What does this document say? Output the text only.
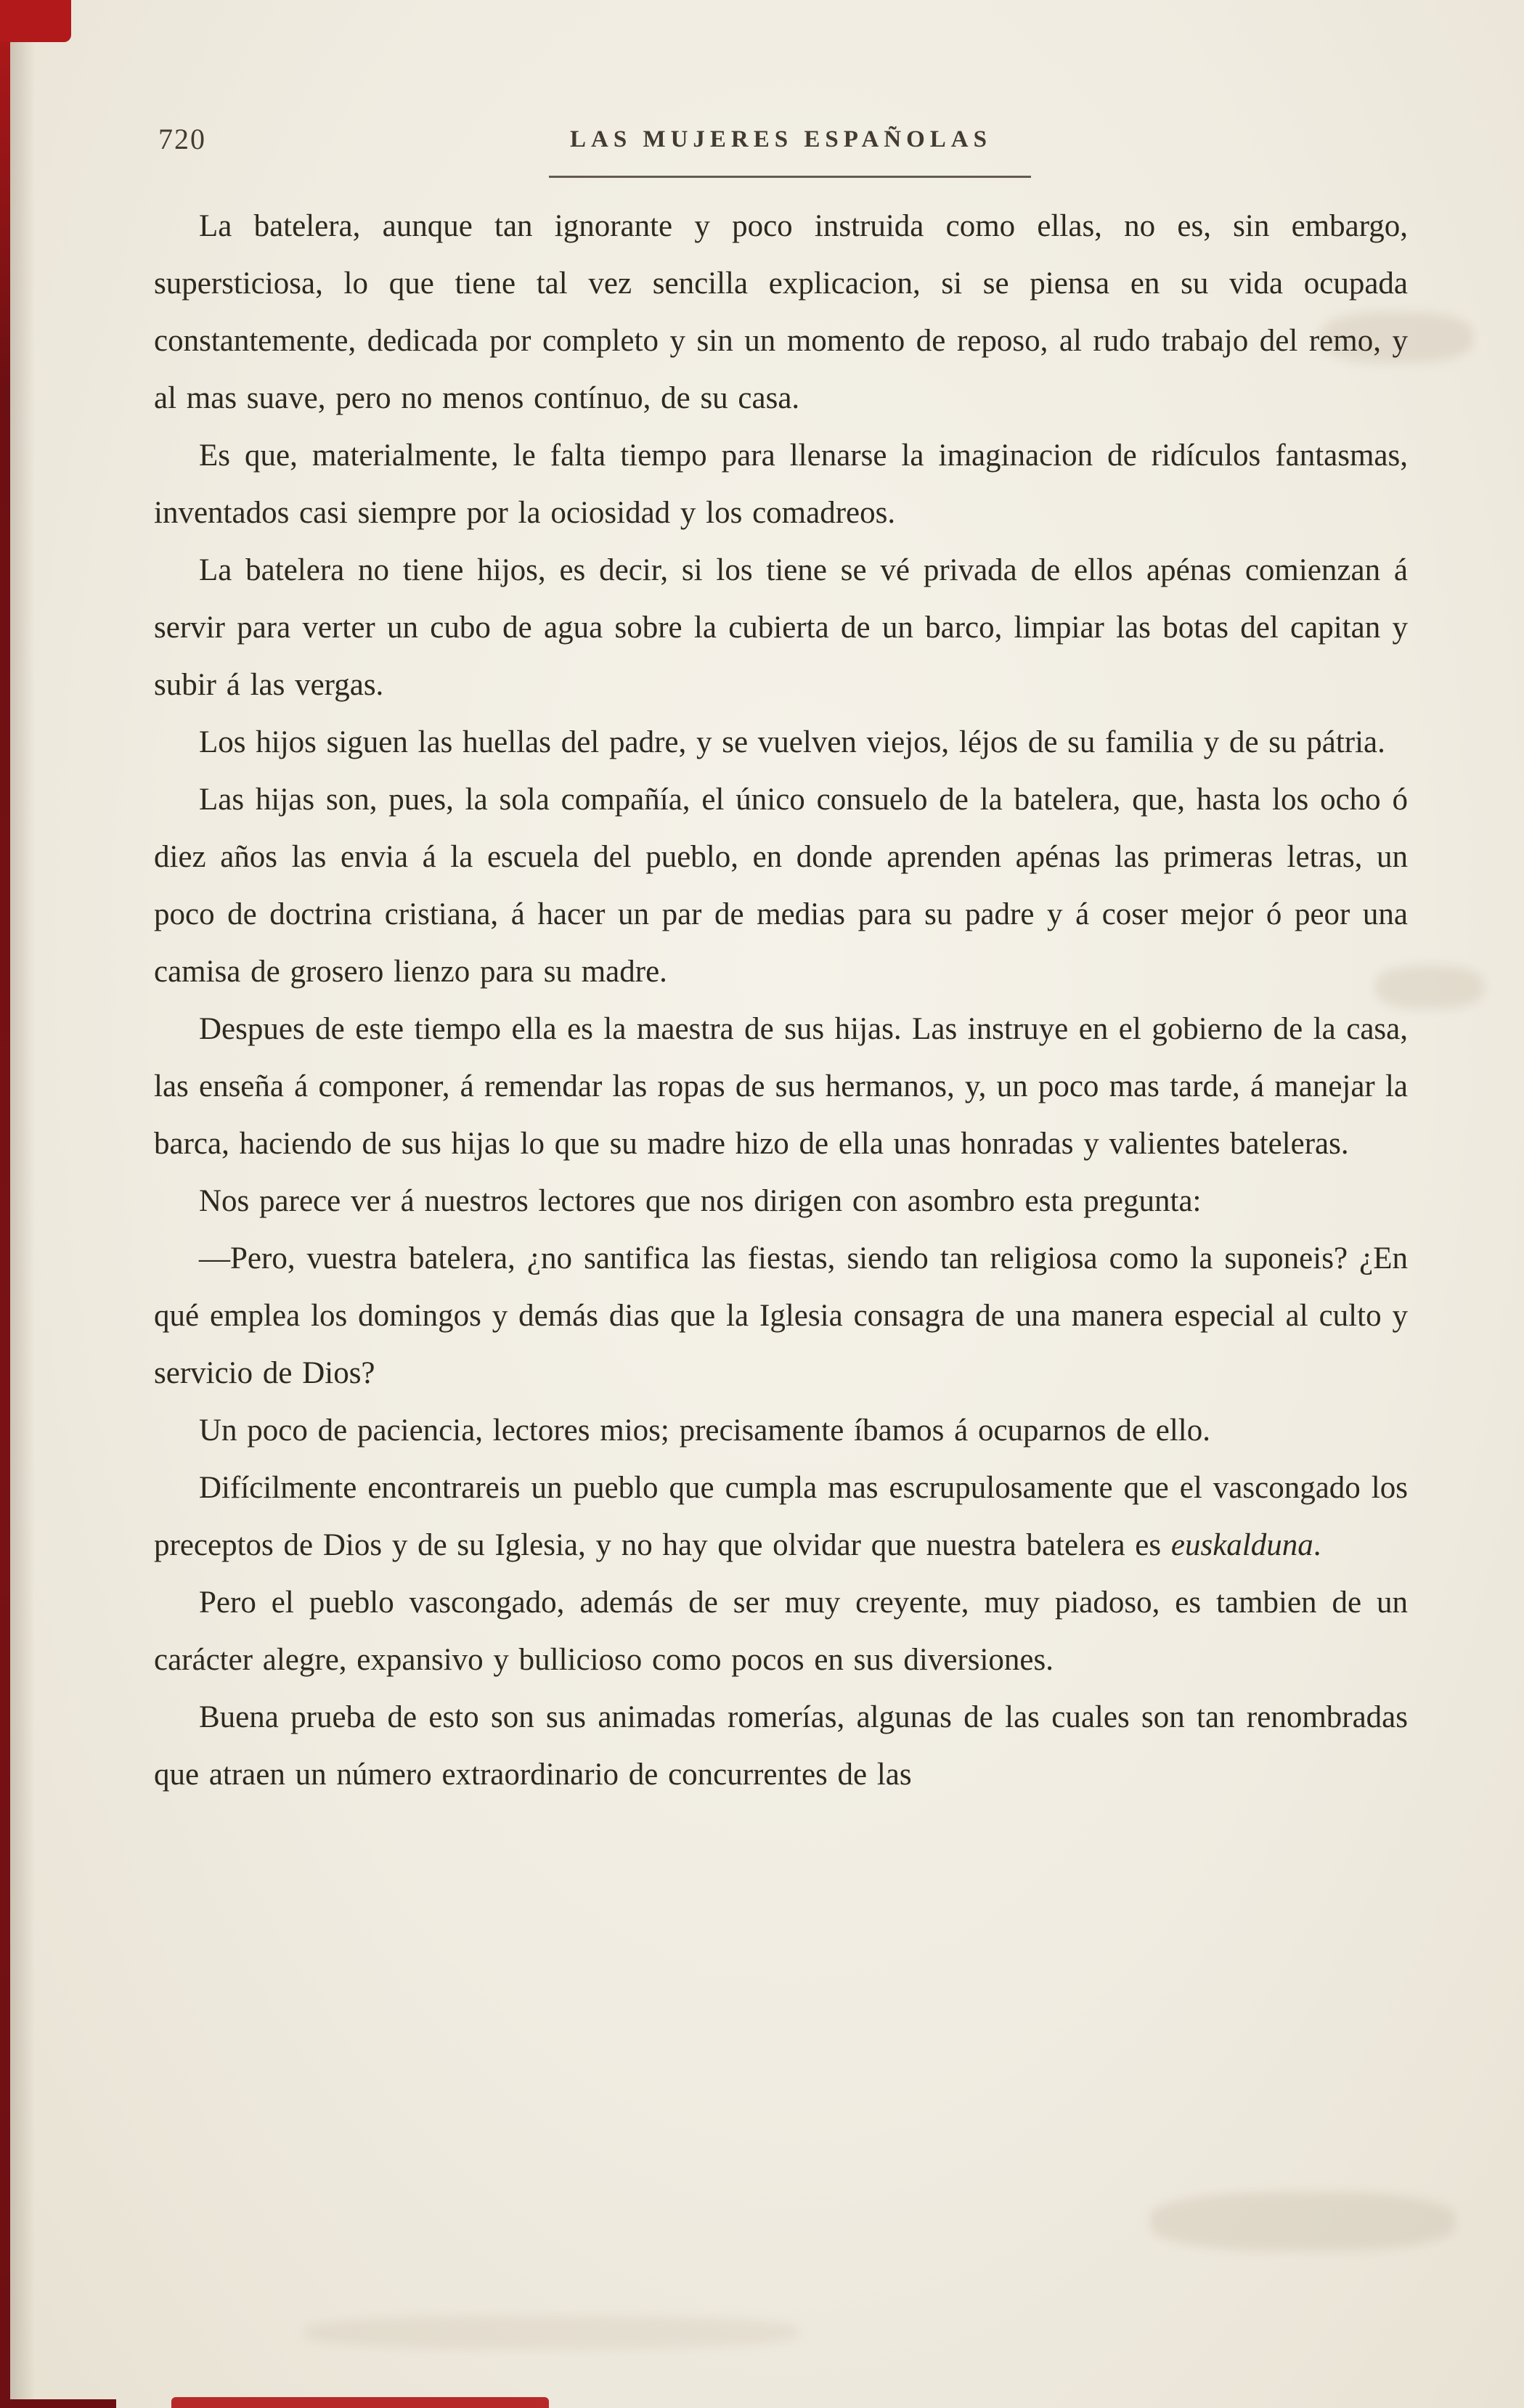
720	LAS MUJERES ESPAÑOLAS

La batelera, aunque tan ignorante y poco instruida como ellas, no es, sin embargo, supersticiosa, lo que tiene tal vez sencilla explicacion, si se piensa en su vida ocupada constantemente, dedicada por completo y sin un momento de reposo, al rudo trabajo del remo, y al mas suave, pero no menos contínuo, de su casa.

Es que, materialmente, le falta tiempo para llenarse la imaginacion de ridículos fantasmas, inventados casi siempre por la ociosidad y los comadreos.

La batelera no tiene hijos, es decir, si los tiene se vé privada de ellos apénas comienzan á servir para verter un cubo de agua sobre la cubierta de un barco, limpiar las botas del capitan y subir á las vergas.

Los hijos siguen las huellas del padre, y se vuelven viejos, léjos de su familia y de su pátria.

Las hijas son, pues, la sola compañía, el único consuelo de la batelera, que, hasta los ocho ó diez años las envia á la escuela del pueblo, en donde aprenden apénas las primeras letras, un poco de doctrina cristiana, á hacer un par de medias para su padre y á coser mejor ó peor una camisa de grosero lienzo para su madre.

Despues de este tiempo ella es la maestra de sus hijas. Las instruye en el gobierno de la casa, las enseña á componer, á remendar las ropas de sus hermanos, y, un poco mas tarde, á manejar la barca, haciendo de sus hijas lo que su madre hizo de ella unas honradas y valientes bateleras.

Nos parece ver á nuestros lectores que nos dirigen con asombro esta pregunta:

—Pero, vuestra batelera, ¿no santifica las fiestas, siendo tan religiosa como la suponeis? ¿En qué emplea los domingos y demás dias que la Iglesia consagra de una manera especial al culto y servicio de Dios?

Un poco de paciencia, lectores mios; precisamente íbamos á ocuparnos de ello.

Difícilmente encontrareis un pueblo que cumpla mas escrupulosamente que el vascongado los preceptos de Dios y de su Iglesia, y no hay que olvidar que nuestra batelera es euskalduna.

Pero el pueblo vascongado, además de ser muy creyente, muy piadoso, es tambien de un carácter alegre, expansivo y bullicioso como pocos en sus diversiones.

Buena prueba de esto son sus animadas romerías, algunas de las cuales son tan renombradas que atraen un número extraordinario de concurrentes de las
